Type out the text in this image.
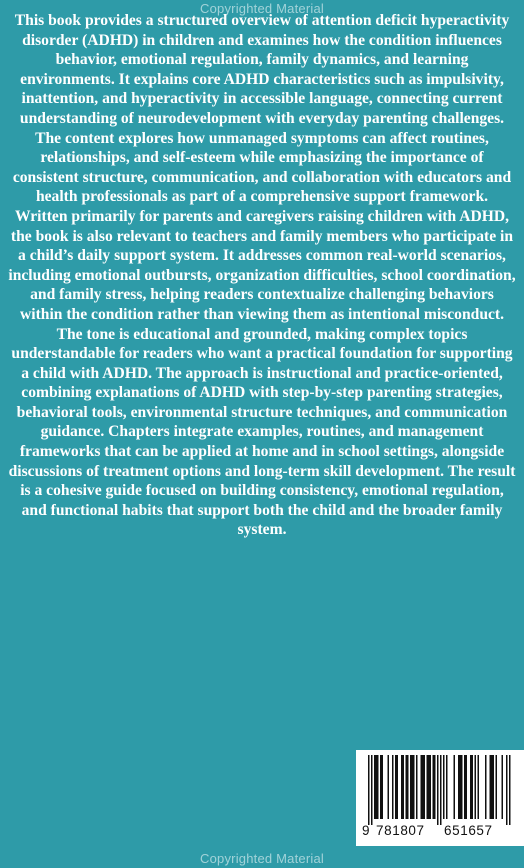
Copyrighted Material

This book provides a structured overview of attention deficit hyperactivity disorder (ADHD) in children and examines how the condition influences behavior, emotional regulation, family dynamics, and learning environments. It explains core ADHD characteristics such as impulsivity, inattention, and hyperactivity in accessible language, connecting current understanding of neurodevelopment with everyday parenting challenges. The content explores how unmanaged symptoms can affect routines, relationships, and self-esteem while emphasizing the importance of consistent structure, communication, and collaboration with educators and health professionals as part of a comprehensive support framework. Written primarily for parents and caregivers raising children with ADHD, the book is also relevant to teachers and family members who participate in a child’s daily support system. It addresses common real-world scenarios, including emotional outbursts, organization difficulties, school coordination, and family stress, helping readers contextualize challenging behaviors within the condition rather than viewing them as intentional misconduct. The tone is educational and grounded, making complex topics understandable for readers who want a practical foundation for supporting a child with ADHD. The approach is instructional and practice-oriented, combining explanations of ADHD with step-by-step parenting strategies, behavioral tools, environmental structure techniques, and communication guidance. Chapters integrate examples, routines, and management frameworks that can be applied at home and in school settings, alongside discussions of treatment options and long-term skill development. The result is a cohesive guide focused on building consistency, emotional regulation, and functional habits that support both the child and the broader family system.

9 781807 651657
Copyrighted Material
